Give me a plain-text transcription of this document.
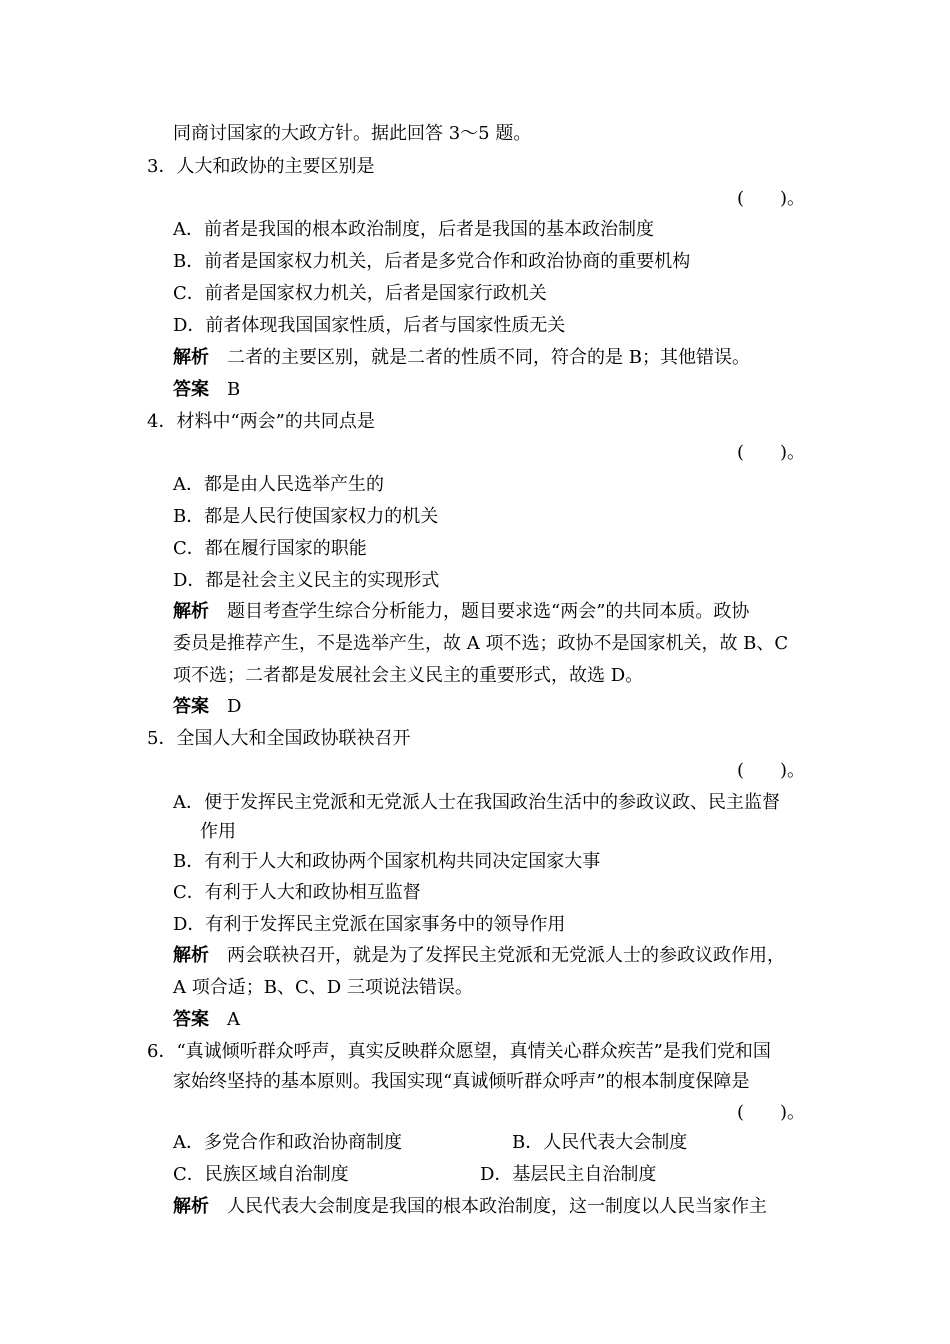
同商讨国家的大政方针。据此回答 3～5 题。
3．人大和政协的主要区别是
(　　)。
A．前者是我国的根本政治制度，后者是我国的基本政治制度
B．前者是国家权力机关，后者是多党合作和政治协商的重要机构
C．前者是国家权力机关，后者是国家行政机关
D．前者体现我国国家性质，后者与国家性质无关
解析 二者的主要区别，就是二者的性质不同，符合的是 B；其他错误。
答案 B
4．材料中“两会”的共同点是
(　　)。
A．都是由人民选举产生的
B．都是人民行使国家权力的机关
C．都在履行国家的职能
D．都是社会主义民主的实现形式
解析 题目考查学生综合分析能力，题目要求选“两会”的共同本质。政协
委员是推荐产生，不是选举产生，故 A 项不选；政协不是国家机关，故 B、C
项不选；二者都是发展社会主义民主的重要形式，故选 D。
答案 D
5．全国人大和全国政协联袂召开
(　　)。
A．便于发挥民主党派和无党派人士在我国政治生活中的参政议政、民主监督
作用
B．有利于人大和政协两个国家机构共同决定国家大事
C．有利于人大和政协相互监督
D．有利于发挥民主党派在国家事务中的领导作用
解析 两会联袂召开，就是为了发挥民主党派和无党派人士的参政议政作用，
A 项合适；B、C、D 三项说法错误。
答案 A
6．“真诚倾听群众呼声，真实反映群众愿望，真情关心群众疾苦”是我们党和国
家始终坚持的基本原则。我国实现“真诚倾听群众呼声”的根本制度保障是
(　　)。
A．多党合作和政治协商制度	B．人民代表大会制度
C．民族区域自治制度	D．基层民主自治制度
解析 人民代表大会制度是我国的根本政治制度，这一制度以人民当家作主
